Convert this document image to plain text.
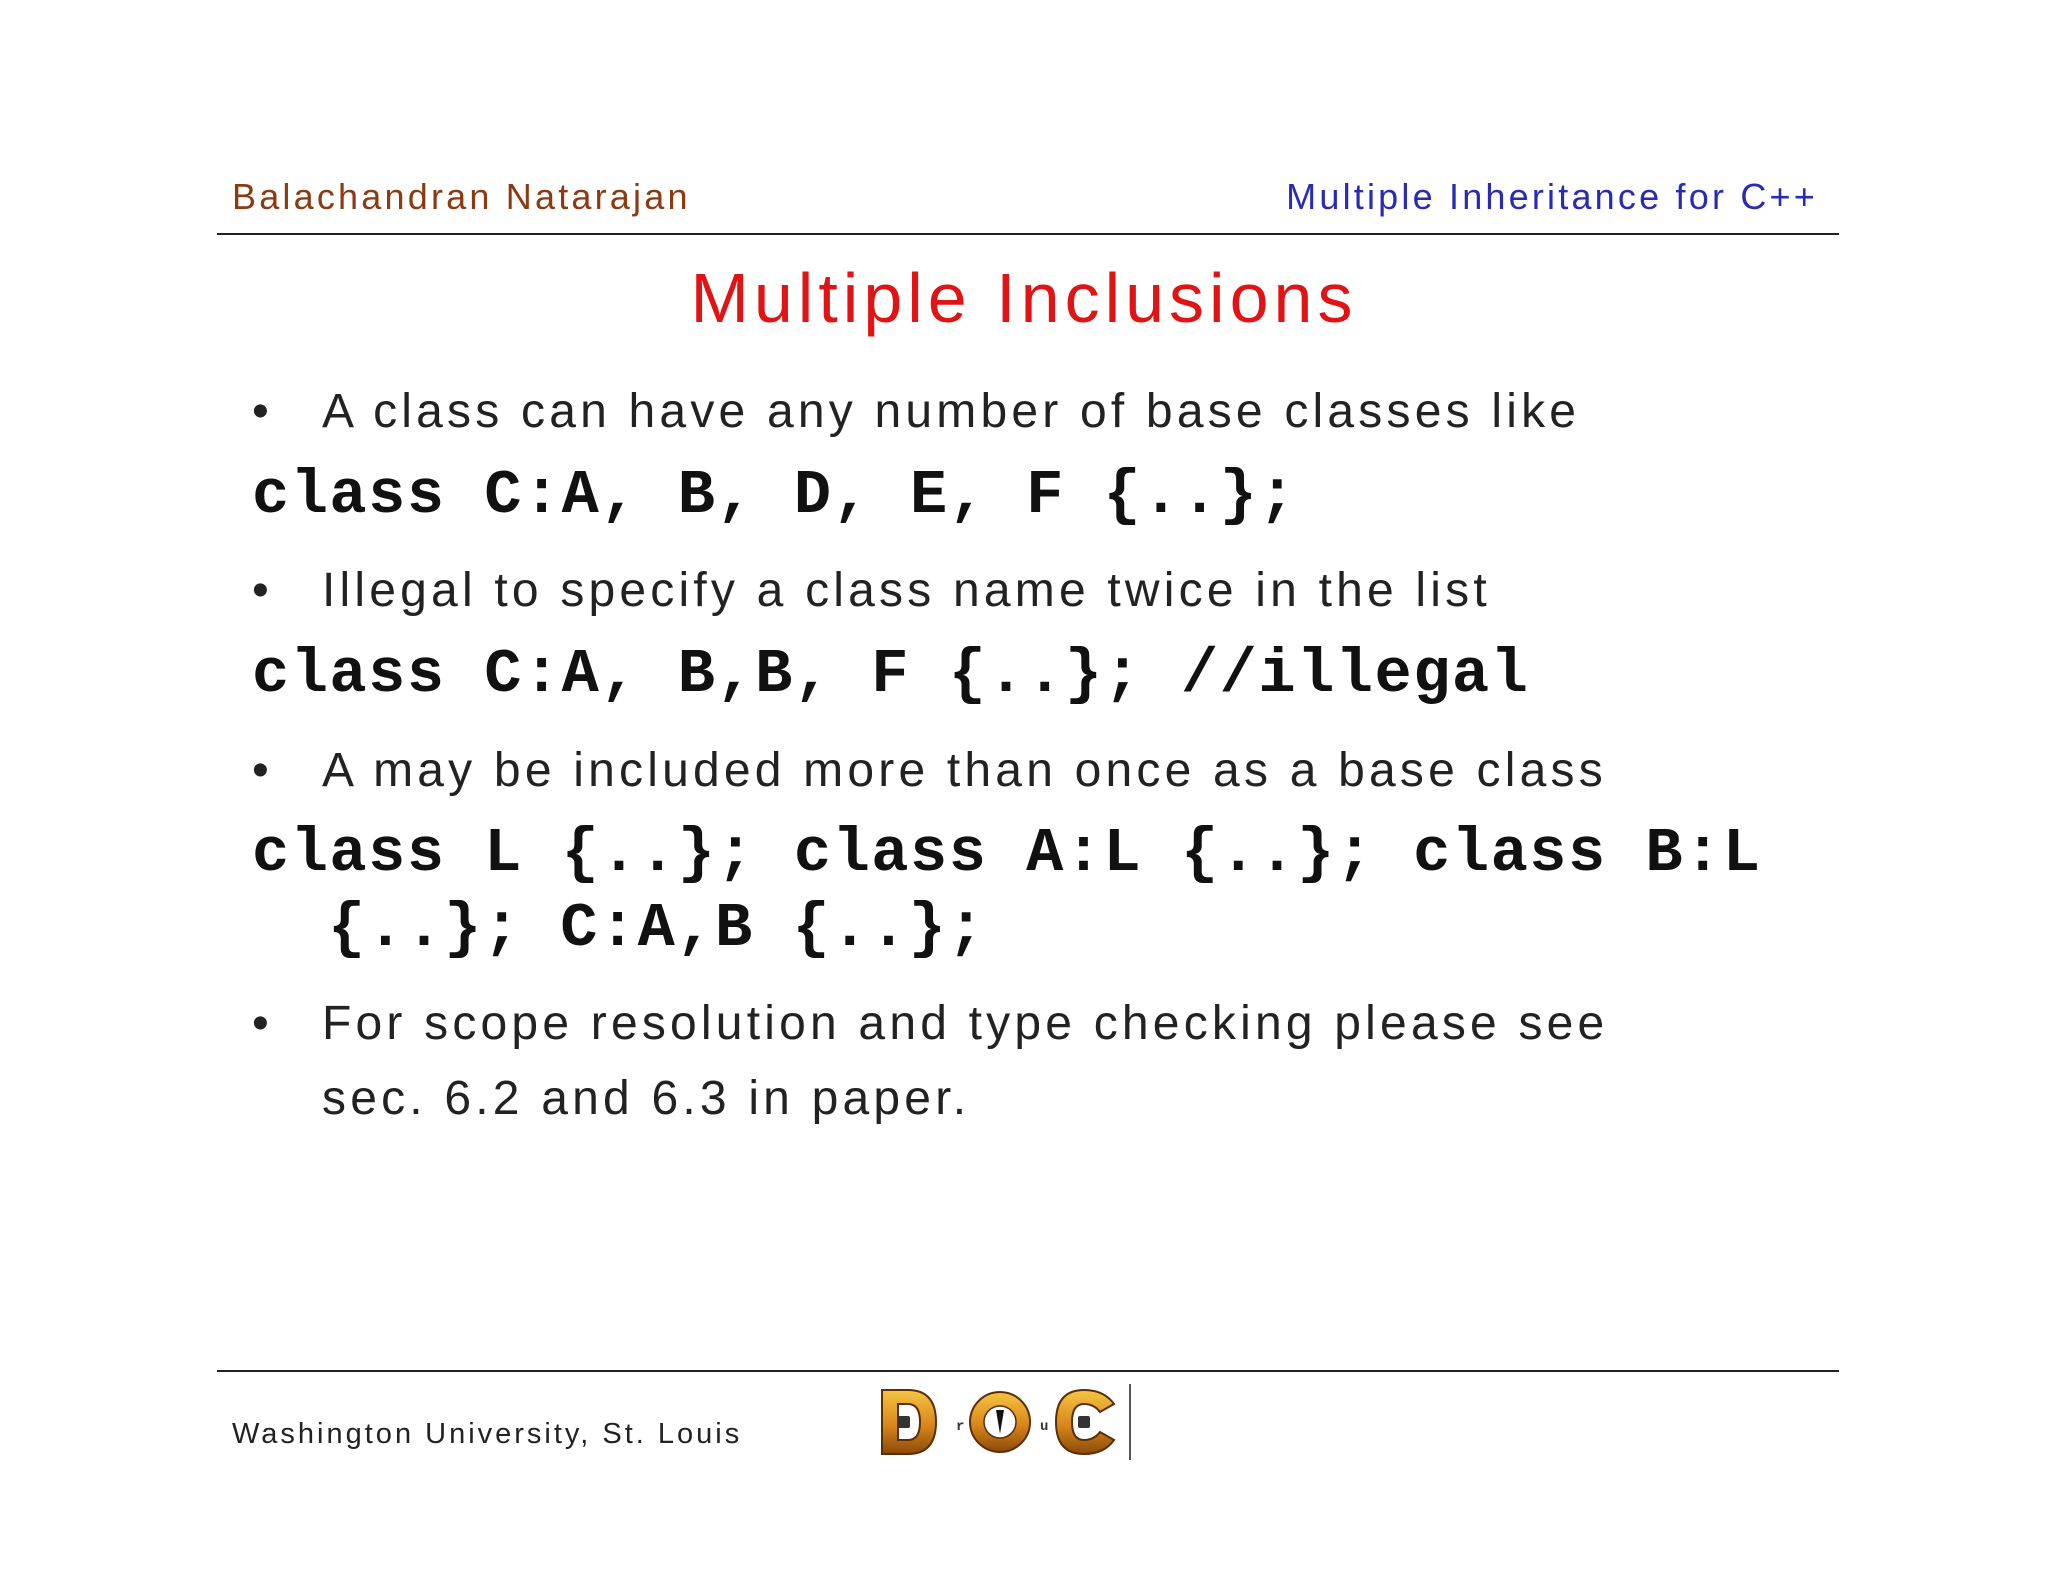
Balachandran Natarajan	Multiple Inheritance for C++
Multiple Inclusions
• A class can have any number of base classes like
class C:A, B, D, E, F {..};
• Illegal to specify a class name twice in the list
class C:A, B,B, F {..}; //illegal
• A may be included more than once as a base class
class L {..}; class A:L {..}; class B:L
{..}; C:A,B {..};
• For scope resolution and type checking please see
sec. 6.2 and 6.3 in paper.
Washington University, St. Louis	r	u
